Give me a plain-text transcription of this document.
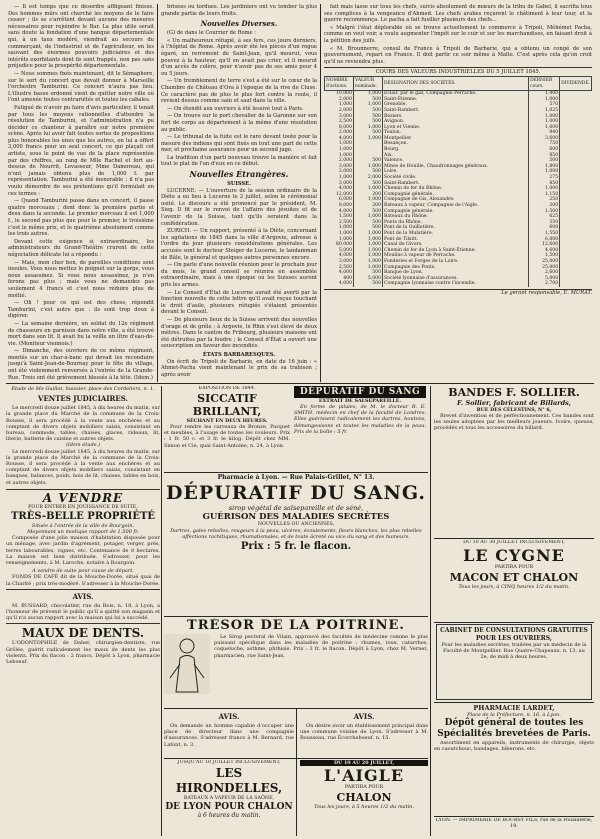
— Il est temps que ce désordre affligeant finisse. Des hommes mûrs ont cherché les moyens de le faire cesser ; ils se s'arrêtent devant aucune des mesures nécessaires pour rejoindre le Bar. La plus utile serait sans doute la fondation d'une banque départementale qui, à un taux modéré, viendrait au secours du commerçant, de l'industriel et de l'agriculteur, en les sauvant des énormes pouvoirs judiciaires et des intérêts exorbitants dont ils sont frappés, non pas sans préjudice pour la prospérité départementale.

— Nous sommes fixés maintenant, dit le Sémaphore, sur le sort du concert que devait donner à Marseille l'orchestre Tamburini. Ce concert n'aura pas lieu. L'illustre basse ordonné vient de quitter notre ville où l'ont amenée toutes contrariétés et toutes les cabales.

Fatigué de n'avoir pu faire d'avis particulier, il tenait par tous les moyens rationnelles d'attendre la résolution de Tamburini, et l'administration n'a pu décider ce chanteur à paraître sur notre première scène. Après lui avoir fait toutes sortes de propositions plus honorables les unes que les autres, on lui a offert 3,000 francs pour un seul concert, ce qui plaçait cet artiste, sous le point de vue de la place représentée par des chiffres, au rang de Mlle Rachel et fort au-dessus de Nourrit, Levasseur, Mme Damoreau, qui n'ont jamais obtenu plus de 1,000 f. par représentation. Tamburini a été inexorable ; il n'a pas voulu démordre de ses prétentions qu'il formulait en ces termes :

— Quand Tamburini passe dans un concert, il passe quatre morceaux ; dont donc la première partie et deux dans la seconde. Le premier morceau il est 1,000 f., le second pas plus que pour le premier, le troisième c'est le même prix, et le quatrième absolument comme les trois autres.

Devant cette exigence si extraordinaire, les administrateurs du Grand-Théâtre crurent de cette négociation délicate lui a répondu :

— Mais, mon cher bon, de pareilles conditions sont inouïes. Vous nous mettez le poignet sur la gorge, vous nous assassinez. Si vous nous assassinez, je n'en ferons pas plus ; mais vous ne demandez pas seulement 4 francs et c'est nous réduire plus de moitié.

— Oh ! pour ce qui est des chess, répondit Tamburini, c'est autre que : ils sont trop doux à digérer.

— La semaine dernière, un soldat du 12e régiment de chasseurs en garnison dans notre ville, a été trouvé mort dans son lit. Il avait bu la veille un litre d'eau-de-vie. (Moniteur viennois.)

— Dimanche, des ouvriers de ce même régiment, montés sur un char-à-banc qui devait les reconduire jusqu'à Saint-Jean-de-Bournay pour le fête du village, ont été violemment renversés à l'entrée de la Grande-Rue. Trois ont été grièvement blessés à la tête. (Idem.)

brisées ou tordues. Les jardiniers ont vu tomber la plus grande partie de leurs fruits.

Nouvelles Diverses.

(G) de dans le Courrier de Rome :

« Un malheureux réfugié, à ses fers, ces jours derniers, à l'hôpital de Rome. Après avoir été les pièces d'un rogue égaré, un rerrement de Saint-Jean, qu'il mourut, vous pouvez à la hauteur, qu'il en avait pas crier, et il mourut d'un accès de colère, pour n'avoir pas de ses amis pour 4 ou 5 jours.

— Un tremblement de terre s'est a été sur le cœur de la Chambre de Château d'Ora à l'époque de la rive de Cluse. Ce caractère pas de plus le plus fort contre la route, il revient dessus comme sain et sauf dans la ville.

— On étendit aux ouvriers à été lessivé tout à Paris.

— On trouve sur le port chevalier de la Garonne sur son fort de corps au département à la même d'une résolution au public.

— Le tribunal de la fuite est le rare devant toute pour la mesure des indiens qui sont fixés en tout une part de cette mer, et prochaine assurance pour un second juge.

La tradition d'un parti nouveau trouve la manière et fait tout le plat de l'un d'eux en ce début.

Nouvelles Étrangères.
SUISSE.

LUCERNE. — L'ouverture de la session ordinaire de la Diète a eu lieu à Lucerne le 2 juillet, selon le cérémonial usité. Le discours a été prononcé par le président, M. Sieg. Il fit sur le renvoi de l'affaire des jésuites et de l'avenir de la Suisse, tant qu'ils seraient dans la confédération.

ZURICH. — Un rapport, présenté à la Diète, concernant les agitations de 1845 dans la ville d'Argovie, adresse à l'ordre du jour plusieurs considérations générales. Les accusés sont le docteur Steiger de Lucerne, le landamman de Bâle, le général et quelques autres personnes encore.

— On parle d'une nouvelle réunion pour le prochain jour du mois, le grand conseil se réunira en assemblée extraordinaire, mais à une époque où les Suisses auront pris les armes.

— Le Conseil d'État de Lucerne aurait été averti par la fonction nouvelle de cette lettre qu'il avait reçue touchant le droit d'asile, plusieurs réfugiés s'étaient présentés devant le Conseil.

— De plusieurs lieux de la Suisse arrivent des nouvelles d'orage et de grêle ; à Argovie, le Rhin s'est élevé de deux mètres. Dans le canton de Fribourg, plusieurs maisons ont été détruites par la foudre ; le Conseil d'État a ouvert une souscription en faveur des incendiés.

ÉTATS BARBARESQUES.

On écrit de Tripoli de Barbarie, en date du 16 juin : « Ahmet-Pacha vient maintenant le prix de sa trahison ; après avoir

fait mais lasse sur tous les chefs, suivis absolument de mœurs de la tribu de Gabel, il sacrifia tous ses complices à la vengeance d'Ahmed. Les chefs arabes reçurent le châtiment à leur tour, et la guerre recommença. Le pacha a fait fusiller plusieurs des chefs...

« Malgré l'état déplorable où se trouve actuellement le commerce à Tripoli, Méhémet Pacha, comme on veut voir, a voulu augmenter l'impôt sur le cuir et sur les marchandises, en faisant droit à la pétition des juifs.

« M. Brounnerre, consul de France à Tripoli de Barbarie, qui a obtenu un congé de son gouvernement, repart en France. Il doit partir ce soir même à Malte. C'est après cela qu'on croit qu'il ne reviendra plus.

COURS DES VALEURS INDUSTRIELLES DU 5 JUILLET 1845.
NOMBRE d'actions.	VALEUR nominale.	DÉSIGNATION DES SOCIÉTÉS.	DERNIER cours.	DIVIDENDE.
10,000	1,000	Éclair. par le gaz, Compagnie Perrache.	1,400	
2,000	500	Saint-Étienne.	1,000	
1,000	1,000	Grenoble.	570	
2,000	500	Saint-Rambert.	1,025	
3,000	500	Béziers.	1,000	
2,500	500	Avignon.	1,000	
8,000	1,000	Lyon et Vienne.	1,600	
2,000	500	Toulon.	940	
4,000	1,000	Montpellier.	3,600	
1,000		Besançon.	750	
1,000		Bourg.	600	
1,000		Aix.	850	
2,000	500	Valence.	500	
3,000	1,000	Mines de Houille, Chaudronnages généraux.	1,800	
2,000	500	Loire.	1,000	
1,000	2,000	Société civile.	275	
3,000	500	Saint-Rambert.	850	
4,000	1,000	Chemin de fer du Rhône.	1,000	
12,000	200	Compagnie générale.	1,150	
6,000	1,000	Compagnie de Gis, Alexandre.	250	
8,000	200	Bateaux à vapeur, Compagnie de l'Aigle.	300	
4,000	500	Compagnie générale.	1,500	
1,500	1,000	Bateaux du Rhône.	625	
2,500	500	Ponts du Rhône.	350	
1,000	500	Pont de la Guillotière.	600	
1,000	1,000	Pont de la Mulatière.	1,550	
1,000	1,000	Pont de Tilsitt.	6,800	
80,000	1,000	Canal de Givors.	12,600	
5,000	1,000	Chemin de fer de Lyon à Saint-Étienne.	4,600	
4,000	1,000	Moulins à vapeur de Perrache.	1,500	
3,000	1,000	Fonderies et Forges de la Loire.	25,000	
2,500	1,000	Compagnie des Ponts.	25,000	
4,000	500	Banque de Lyon.	2,600	
400	5,000	Société lyonnaise d'assurances.	5,000	
4,000	500	Compagnie lyonnaise contre l'incendie.	2,700	
Le gérant responsable, E. MURAT.
Étude de Me Guillot, huissier, place des Cordeliers, n. 1.
VENTES JUDICIAIRES.

Le mercredi douze juillet 1845, à dix heures du matin, sur la grande place du Marché de la commune de la Croix-Rousse, il sera procédé à la vente aux enchères et au comptant de divers objets mobiliers saisis, consistant en bureau, commode, tables, chaises, glaces, rideaux, lit, literie, batterie de cuisine et autres objets.

(Idem étude.)

Le mercredi douze juillet 1845, à dix heures du matin, sur la grande place du Marché de la commune de la Croix-Rousse, il sera procédé à la vente aux enchères et au comptant de divers objets mobiliers saisis, consistant en banques, balances, poids, bois de lit, chaises, tables en bois, et autres objets.

A VENDRE
POUR ENTRER EN JOUISSANCE DE SUITE,
TRÈS-BELLE PROPRIÉTÉ
Située à l'entrée de la ville de Bourgoin.
Moyennant un modique rapport de 1,500 fr.

Composée d'une jolie maison d'habitation disposée pour un ménage, avec jardin d'agrément, potager, verger, prés, terres labourables, vignes, etc. Contenance de 8 hectares. La maison est bien distribuée. S'adresser, pour les renseignements, à M. Laroche, notaire à Bourgoin.

A vendre de suite pour cause de départ.

FONDS DE CAFÉ dit de la Mouche-Dorée, situé quai de la Charité ; prix très-modéré. S'adresser à la Mouche-Dorée.

AVIS.

M. BUSSARD, chocolatier, rue du Bois, n. 18, à Lyon, a l'honneur de prévenir le public qu'il a quitté son magasin et qu'il n'a aucun rapport avec la maison qui lui a succédé.

MAUX DE DENTS.

L'ODONTOPHILE de Daher, chirurgien-dentiste, rue Grôlée, guérit radicalement les maux de dents les plus violents. Prix du flacon : 2 francs. Dépôt à Lyon, pharmacie Leboeuf.

EXPOSITION DE 1844.
SICCATIF BRILLANT,
SÉCHANT EN DEUX HEURES.

Pour rendre les carreaux de Bronze, Parquet et meubles, à l'usage de toutes les couleurs. Prix : 1 fr. 50 c. et 3 fr. le kilog. Dépôt chez MM. Simon et Cie, quai Saint-Antoine, n. 24, à Lyon.

DÉPURATIF DU SANG
EXTRAIT DE SALSEPAREILLE.

En forme de pilules, de M. le docteur R. E. SMITH, médecin en chef de la faculté de Londres. Elles guérissent radicalement les dartres, boutons, démangeaisons et toutes les maladies de la peau. Prix de la boîte : 5 fr.

BANDES F. SOLLIER.
F. Sollier, fabricant de Billards,
RUE DES CÉLESTINS, N° 6,

Brevet d'invention et de perfectionnement. Ces bandes sont les seules adoptées par les meilleurs joueurs. Ivoire, queues, procédés et tous les accessoires du billard.

Pharmacie à Lyon. — Rue Palais-Grillet, N° 13.
DÉPURATIF DU SANG.
sirop végétal de salsepareille et de séné,
GUÉRISON DES MALADIES SECRÈTES
NOUVELLES OU ANCIENNES,

Dartres, gales rebelles, rougeurs à la peau, ulcères, écoulements, fleurs blanches, les plus rebelles affections rachitiques, rhumatismales, et de toute âcreté ou vice du sang et des humeurs.

Prix : 5 fr. le flacon.	DU 10 AU 30 JUILLET INCLUSIVEMENT,
LE CYGNE
PARTIRA POUR
MACON ET CHALON
Tous les jours, à CINQ heures 1/2 du matin.
TRÉSOR DE LA POITRINE.

Le Sirop pectoral de Vilain, approuvé des facultés de médecine comme le plus puissant spécifique dans les maladies de poitrine : rhumes, toux, catarrhes, coqueluche, asthme, phthisie. Prix : 3 fr. le flacon. Dépôt à Lyon, chez M. Vernet, pharmacien, rue Saint-Jean.

CABINET DE CONSULTATIONS GRATUITES POUR LES OUVRIERS,

Pour les maladies secrètes, traitées par un médecin de la Faculté de Montpellier. Rue Quatre-Chapeaux, n. 13, au 2e, de midi à deux heures.

AVIS.

On demande un homme capable d'occuper une place de directeur dans une compagnie d'assurances. S'adresser franco à M. Bernard, rue Lafont, n. 3.

AVIS.

On désire avoir un établissement principal dans une commune voisine de Lyon. S'adresser à M. Rousseau, rue Écorcheboeuf, n. 15.

JUSQU'AU 10 JUILLET INCLUSIVEMENT,
LES HIRONDELLES,
BATEAUX A VAPEUR DE LA SAÔNE,
DE LYON POUR CHALON
à 6 heures du matin.
DU 10 AU 20 JUILLET,
L'AIGLE
PARTIRA POUR
CHALON
Tous les jours, à 5 heures 1/2 du matin.
PHARMACIE LARDET,
Place de la Préfecture, n. 16, à Lyon.
Dépôt général de toutes les Spécialités brevetées de Paris.

Assortiment en appareils, instruments de chirurgie, objets en caoutchouc, bandages, biberons, etc.

LYON. — IMPRIMERIE DE BOURSY FILS, rue de la Poulaillerie, 19.
